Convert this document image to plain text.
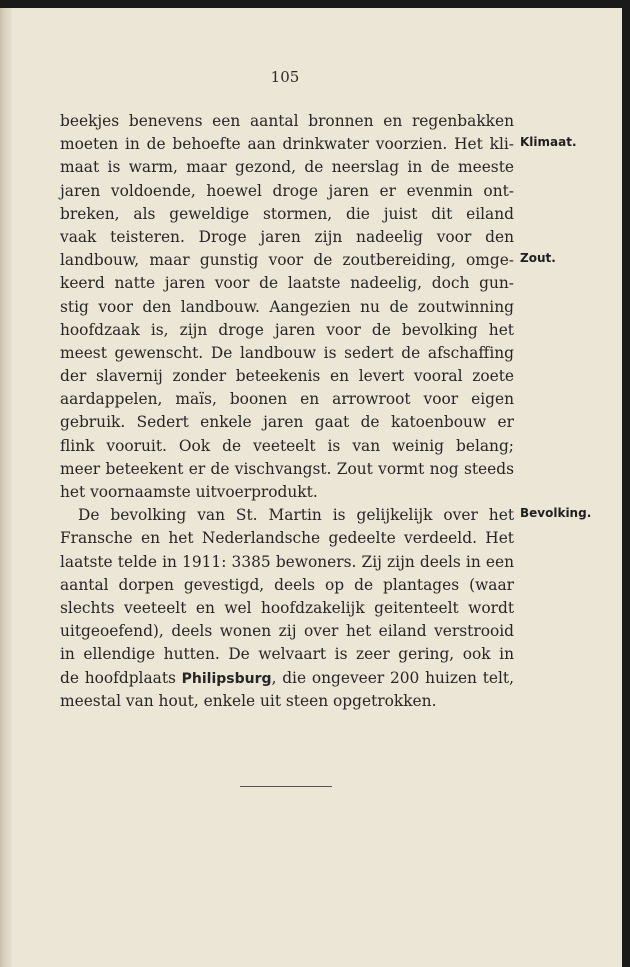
105
beekjes benevens een aantal bronnen en regenbakken
moeten in de behoefte aan drinkwater voorzien. Het kli-
maat is warm, maar gezond, de neerslag in de meeste
jaren voldoende, hoewel droge jaren er evenmin ont-
breken, als geweldige stormen, die juist dit eiland
vaak teisteren. Droge jaren zijn nadeelig voor den
landbouw, maar gunstig voor de zoutbereiding, omge-
keerd natte jaren voor de laatste nadeelig, doch gun-
stig voor den landbouw. Aangezien nu de zoutwinning
hoofdzaak is, zijn droge jaren voor de bevolking het
meest gewenscht. De landbouw is sedert de afschaffing
der slavernij zonder beteekenis en levert vooral zoete
aardappelen, maïs, boonen en arrowroot voor eigen
gebruik. Sedert enkele jaren gaat de katoenbouw er
flink vooruit. Ook de veeteelt is van weinig belang;
meer beteekent er de vischvangst. Zout vormt nog steeds
het voornaamste uitvoerprodukt.
De bevolking van St. Martin is gelijkelijk over het
Fransche en het Nederlandsche gedeelte verdeeld. Het
laatste telde in 1911: 3385 bewoners. Zij zijn deels in een
aantal dorpen gevestigd, deels op de plantages (waar
slechts veeteelt en wel hoofdzakelijk geitenteelt wordt
uitgeoefend), deels wonen zij over het eiland verstrooid
in ellendige hutten. De welvaart is zeer gering, ook in
de hoofdplaats Philipsburg, die ongeveer 200 huizen telt,
meestal van hout, enkele uit steen opgetrokken.
Klimaat.
Zout.
Bevolking.
